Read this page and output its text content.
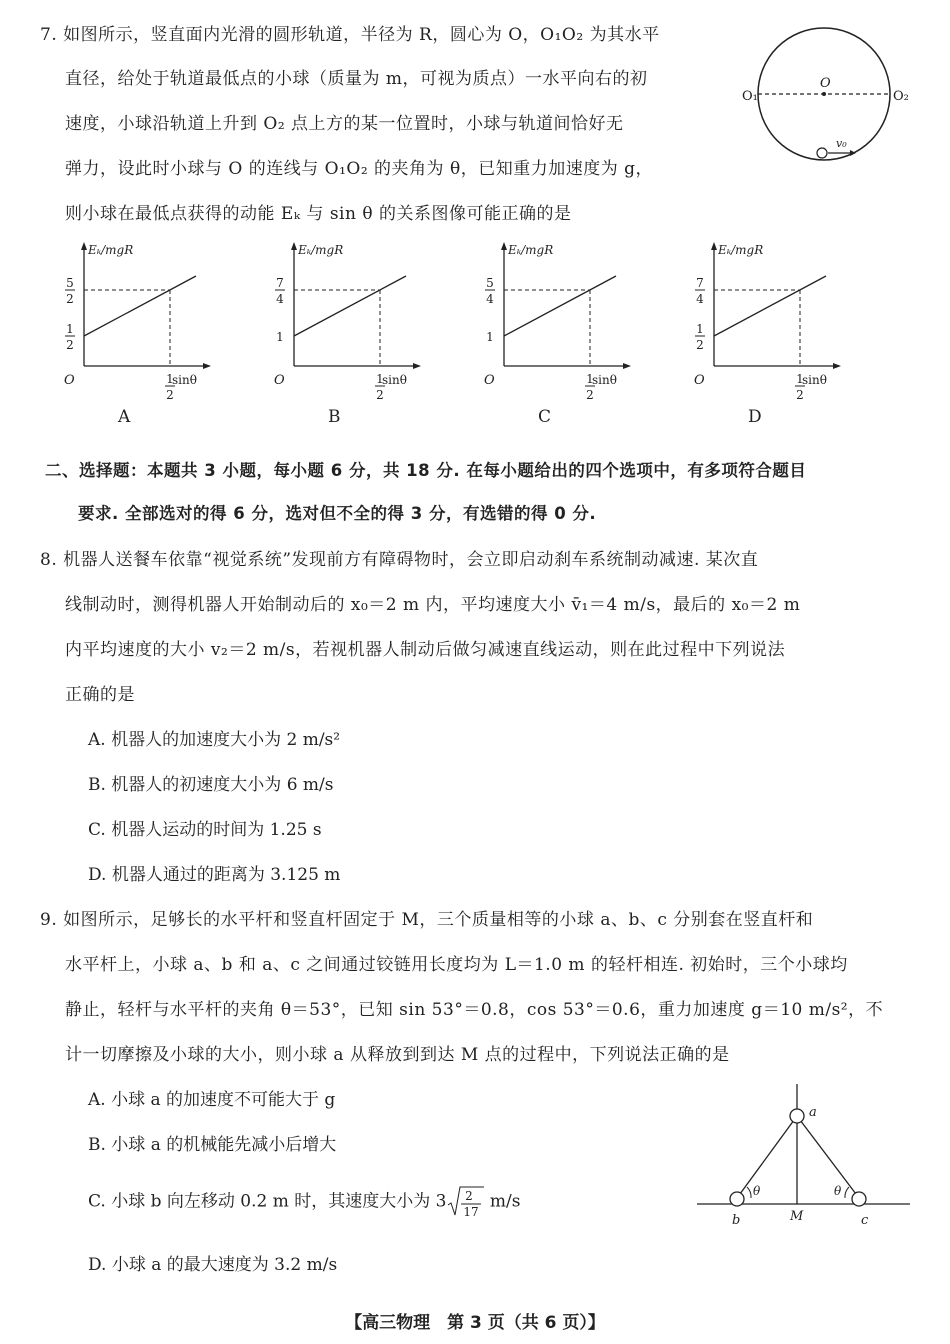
7. 如图所示，竖直面内光滑的圆形轨道，半径为 R，圆心为 O，O₁O₂ 为其水平
直径，给处于轨道最低点的小球（质量为 m，可视为质点）一水平向右的初
速度，小球沿轨道上升到 O₂ 点上方的某一位置时，小球与轨道间恰好无
弹力，设此时小球与 O 的连线与 O₁O₂ 的夹角为 θ，已知重力加速度为 g，
则小球在最低点获得的动能 Eₖ 与 sin θ 的关系图像可能正确的是
O₁
O
O₂
v₀
Eₖ/mgR
O	sinθ
5
2
1
2
1
2
A
Eₖ/mgR
O	sinθ
7
4
1
1
2
B
Eₖ/mgR
O	sinθ
5
4
1
1
2
C
Eₖ/mgR
O	sinθ
7
4
1
2
1
2
D
二、选择题：本题共 3 小题，每小题 6 分，共 18 分. 在每小题给出的四个选项中，有多项符合题目
要求. 全部选对的得 6 分，选对但不全的得 3 分，有选错的得 0 分.
8. 机器人送餐车依靠“视觉系统”发现前方有障碍物时，会立即启动刹车系统制动减速. 某次直
线制动时，测得机器人开始制动后的 x₀＝2 m 内，平均速度大小 v̄₁＝4 m/s，最后的 x₀＝2 m
内平均速度的大小 v₂＝2 m/s，若视机器人制动后做匀减速直线运动，则在此过程中下列说法
正确的是
A. 机器人的加速度大小为 2 m/s²
B. 机器人的初速度大小为 6 m/s
C. 机器人运动的时间为 1.25 s
D. 机器人通过的距离为 3.125 m
9. 如图所示，足够长的水平杆和竖直杆固定于 M，三个质量相等的小球 a、b、c 分别套在竖直杆和
水平杆上，小球 a、b 和 a、c 之间通过铰链用长度均为 L＝1.0 m 的轻杆相连. 初始时，三个小球均
静止，轻杆与水平杆的夹角 θ＝53°，已知 sin 53°＝0.8，cos 53°＝0.6，重力加速度 g＝10 m/s²，不
计一切摩擦及小球的大小，则小球 a 从释放到到达 M 点的过程中，下列说法正确的是
A. 小球 a 的加速度不可能大于 g
B. 小球 a 的机械能先减小后增大
C. 小球 b 向左移动 0.2 m 时，其速度大小为 3 2
17
m/s
D. 小球 a 的最大速度为 3.2 m/s
a
b	c
M
θ	θ
【高三物理　第 3 页（共 6 页）】
